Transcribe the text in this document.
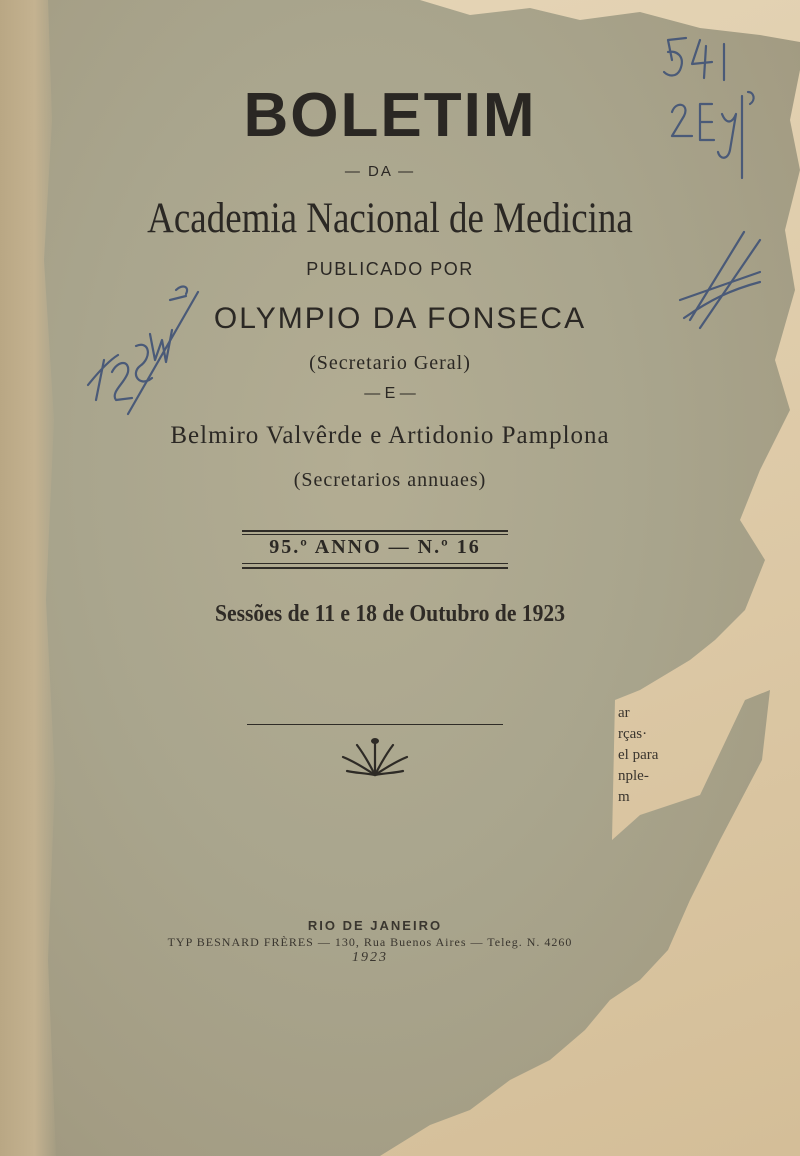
ar
rças·
el para
nple-
m
BOLETIM
— DA —
Academia Nacional de Medicina
PUBLICADO POR
OLYMPIO DA FONSECA
(Secretario Geral)
— E —
Belmiro Valvêrde e Artidonio Pamplona
(Secretarios annuaes)
95.º ANNO — N.º 16
Sessões de 11 e 18 de Outubro de 1923
RIO DE JANEIRO
TYP BESNARD FRÈRES — 130, Rua Buenos Aires — Teleg. N. 4260
1923
